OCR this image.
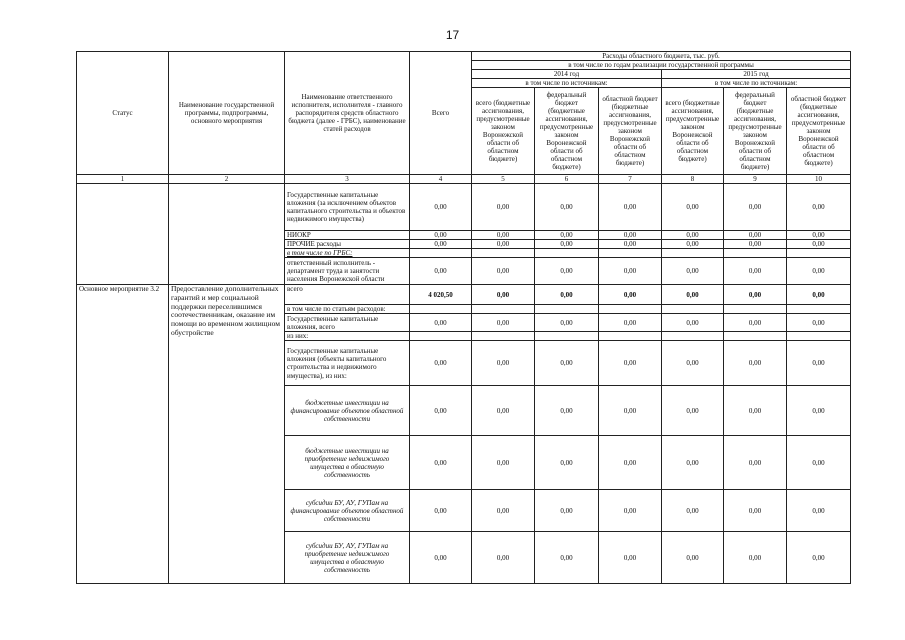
17
Статус	Наименование государственной программы, подпрограммы, основного мероприятия	Наименование ответственного исполнителя, исполнителя - главного распорядителя средств областного бюджета (далее - ГРБС), наименование статей расходов	Всего	Расходы областного бюджета, тыс. руб.					
				в том числе по годам реализации государственной программы					
				2014 год			2015 год		
				в том числе по источникам:			в том числе по источникам:		
				всего (бюджетные ассигнования, предусмотренные законом Воронежской области об областном бюджете)	федеральный бюджет (бюджетные ассигнования, предусмотренные законом Воронежской области об областном бюджете)	областной бюджет (бюджетные ассигнования, предусмотренные законом Воронежской области об областном бюджете)	всего (бюджетные ассигнования, предусмотренные законом Воронежской области об областном бюджете)	федеральный бюджет (бюджетные ассигнования, предусмотренные законом Воронежской области об областном бюджете)	областной бюджет (бюджетные ассигнования, предусмотренные законом Воронежской области об областном бюджете)
1	2	3	4	5	6	7	8	9	10
		Государственные капитальные вложения (за исключением объектов капитального строительства и объектов недвижимого имущества)	0,00	0,00	0,00	0,00	0,00	0,00	0,00
		НИОКР	0,00	0,00	0,00	0,00	0,00	0,00	0,00
		ПРОЧИЕ расходы	0,00	0,00	0,00	0,00	0,00	0,00	0,00
		в том числе по ГРБС:							
		ответственный исполнитель - департамент труда и занятости населения Воронежской области	0,00	0,00	0,00	0,00	0,00	0,00	0,00
Основное мероприятие 3.2	Предоставление дополнительных гарантий и мер социальной поддержки переселившимся соотечественникам, оказание им помощи во временном жилищном обустройстве	всего	4 020,50	0,00	0,00	0,00	0,00	0,00	0,00
		в том числе по статьям расходов:							
		Государственные капитальные вложения, всего	0,00	0,00	0,00	0,00	0,00	0,00	0,00
		из них:							
		Государственные капитальные вложения (объекты капитального строительства и недвижимого имущества), из них:	0,00	0,00	0,00	0,00	0,00	0,00	0,00
		бюджетные инвестиции на финансирование объектов областной собственности	0,00	0,00	0,00	0,00	0,00	0,00	0,00
		бюджетные инвестиции на приобретение недвижимого имущества в областную собственность	0,00	0,00	0,00	0,00	0,00	0,00	0,00
		субсидии БУ, АУ, ГУПам на финансирование объектов областной собственности	0,00	0,00	0,00	0,00	0,00	0,00	0,00
		субсидии БУ, АУ, ГУПам на приобретение недвижимого имущества в областную собственность	0,00	0,00	0,00	0,00	0,00	0,00	0,00
